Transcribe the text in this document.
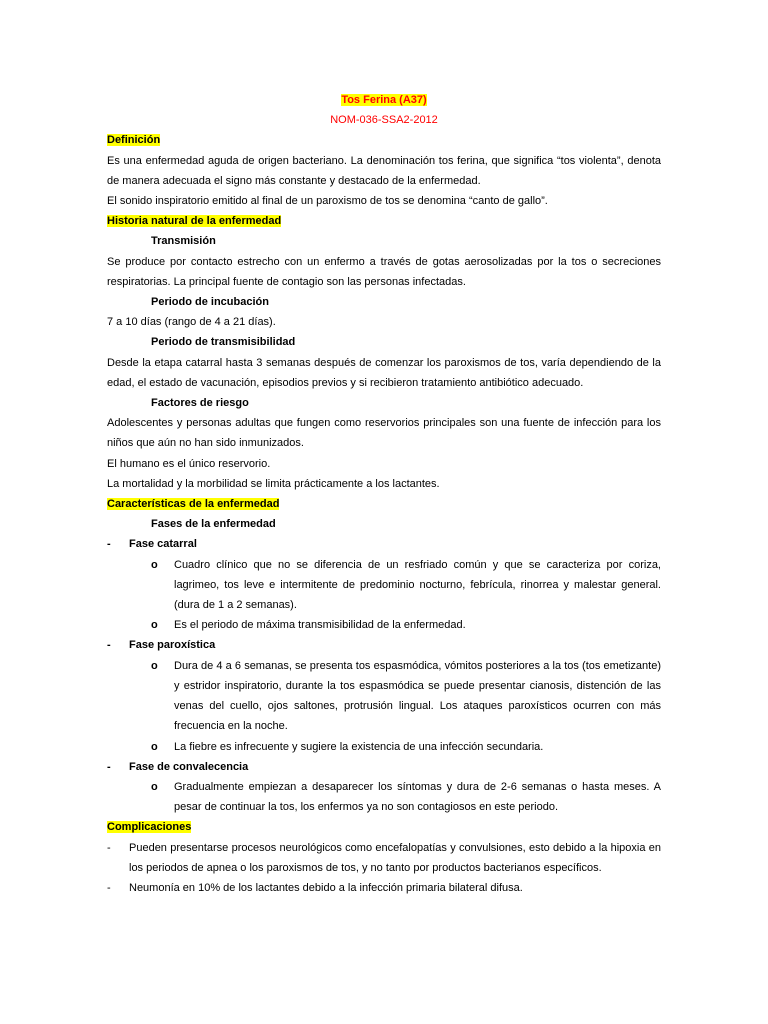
Tos Ferina (A37)
NOM-036-SSA2-2012
Definición
Es una enfermedad aguda de origen bacteriano. La denominación tos ferina, que significa “tos violenta”, denota de manera adecuada el signo más constante y destacado de la enfermedad.
El sonido inspiratorio emitido al final de un paroxismo de tos se denomina “canto de gallo”.
Historia natural de la enfermedad
Transmisión
Se produce por contacto estrecho con un enfermo a través de gotas aerosolizadas por la tos o secreciones respiratorias. La principal fuente de contagio son las personas infectadas.
Periodo de incubación
7 a 10 días (rango de 4 a 21 días).
Periodo de transmisibilidad
Desde la etapa catarral hasta 3 semanas después de comenzar los paroxismos de tos, varía dependiendo de la edad, el estado de vacunación, episodios previos y si recibieron tratamiento antibiótico adecuado.
Factores de riesgo
Adolescentes y personas adultas que fungen como reservorios principales son una fuente de infección para los niños que aún no han sido inmunizados.
El humano es el único reservorio.
La mortalidad y la morbilidad se limita prácticamente a los lactantes.
Características de la enfermedad
Fases de la enfermedad
-	Fase catarral
o	Cuadro clínico que no se diferencia de un resfriado común y que se caracteriza por coriza, lagrimeo, tos leve e intermitente de predominio nocturno, febrícula, rinorrea y malestar general. (dura de 1 a 2 semanas).
o	Es el periodo de máxima transmisibilidad de la enfermedad.
-	Fase paroxística
o	Dura de 4 a 6 semanas, se presenta tos espasmódica, vómitos posteriores a la tos (tos emetizante) y estridor inspiratorio, durante la tos espasmódica se puede presentar cianosis, distención de las venas del cuello, ojos saltones, protrusión lingual. Los ataques paroxísticos ocurren con más frecuencia en la noche.
o	La fiebre es infrecuente y sugiere la existencia de una infección secundaria.
-	Fase de convalecencia
o	Gradualmente empiezan a desaparecer los síntomas y dura de 2-6 semanas o hasta meses. A pesar de continuar la tos, los enfermos ya no son contagiosos en este periodo.
Complicaciones
-	Pueden presentarse procesos neurológicos como encefalopatías y convulsiones, esto debido a la hipoxia en los periodos de apnea o los paroxismos de tos, y no tanto por productos bacterianos específicos.
-	Neumonía en 10% de los lactantes debido a la infección primaria bilateral difusa.
